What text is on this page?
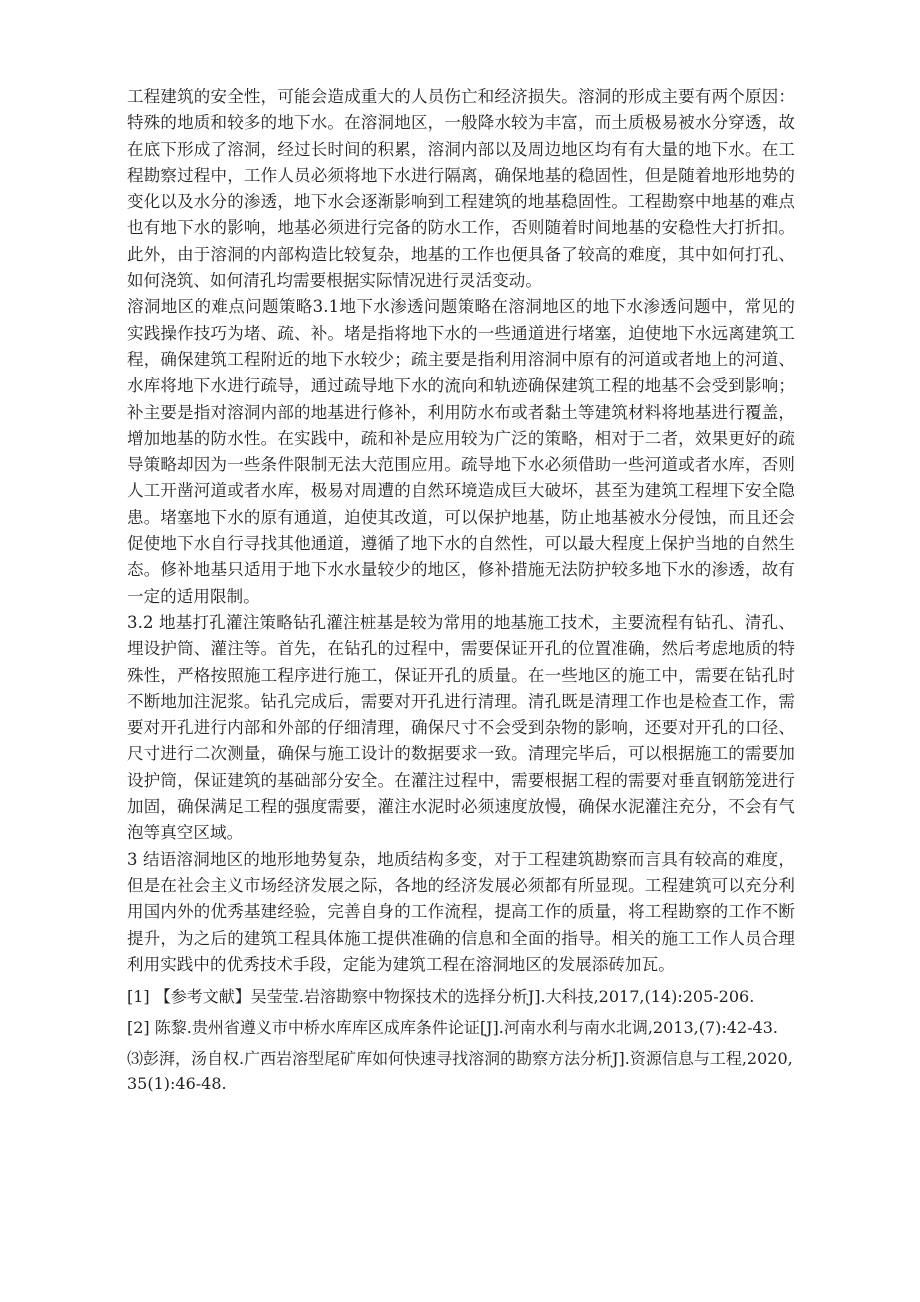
工程建筑的安全性，可能会造成重大的人员伤亡和经济损失。溶洞的形成主要有两个原因：特殊的地质和较多的地下水。在溶洞地区，一般降水较为丰富，而土质极易被水分穿透，故在底下形成了溶洞，经过长时间的积累，溶洞内部以及周边地区均有有大量的地下水。在工程勘察过程中，工作人员必须将地下水进行隔离，确保地基的稳固性，但是随着地形地势的变化以及水分的渗透，地下水会逐渐影响到工程建筑的地基稳固性。工程勘察中地基的难点也有地下水的影响，地基必须进行完备的防水工作，否则随着时间地基的安稳性大打折扣。此外，由于溶洞的内部构造比较复杂，地基的工作也便具备了较高的难度，其中如何打孔、如何浇筑、如何清孔均需要根据实际情况进行灵活变动。

溶洞地区的难点问题策略3.1地下水渗透问题策略在溶洞地区的地下水渗透问题中，常见的实践操作技巧为堵、疏、补。堵是指将地下水的一些通道进行堵塞，迫使地下水远离建筑工程，确保建筑工程附近的地下水较少；疏主要是指利用溶洞中原有的河道或者地上的河道、水库将地下水进行疏导，通过疏导地下水的流向和轨迹确保建筑工程的地基不会受到影响；补主要是指对溶洞内部的地基进行修补，利用防水布或者黏土等建筑材料将地基进行覆盖，增加地基的防水性。在实践中，疏和补是应用较为广泛的策略，相对于二者，效果更好的疏导策略却因为一些条件限制无法大范围应用。疏导地下水必须借助一些河道或者水库，否则人工开凿河道或者水库，极易对周遭的自然环境造成巨大破坏，甚至为建筑工程埋下安全隐患。堵塞地下水的原有通道，迫使其改道，可以保护地基，防止地基被水分侵蚀，而且还会促使地下水自行寻找其他通道，遵循了地下水的自然性，可以最大程度上保护当地的自然生态。修补地基只适用于地下水水量较少的地区，修补措施无法防护较多地下水的渗透，故有一定的适用限制。

3.2 地基打孔灌注策略钻孔灌注桩基是较为常用的地基施工技术，主要流程有钻孔、清孔、埋设护筒、灌注等。首先，在钻孔的过程中，需要保证开孔的位置准确，然后考虑地质的特殊性，严格按照施工程序进行施工，保证开孔的质量。在一些地区的施工中，需要在钻孔时不断地加注泥浆。钻孔完成后，需要对开孔进行清理。清孔既是清理工作也是检查工作，需要对开孔进行内部和外部的仔细清理，确保尺寸不会受到杂物的影响，还要对开孔的口径、尺寸进行二次测量，确保与施工设计的数据要求一致。清理完毕后，可以根据施工的需要加设护筒，保证建筑的基础部分安全。在灌注过程中，需要根据工程的需要对垂直钢筋笼进行加固，确保满足工程的强度需要，灌注水泥时必须速度放慢，确保水泥灌注充分，不会有气泡等真空区域。

3 结语溶洞地区的地形地势复杂，地质结构多变，对于工程建筑勘察而言具有较高的难度，但是在社会主义市场经济发展之际，各地的经济发展必须都有所显现。工程建筑可以充分利用国内外的优秀基建经验，完善自身的工作流程，提高工作的质量，将工程勘察的工作不断提升，为之后的建筑工程具体施工提供准确的信息和全面的指导。相关的施工工作人员合理利用实践中的优秀技术手段，定能为建筑工程在溶洞地区的发展添砖加瓦。

[1] 【参考文献】吴莹莹.岩溶勘察中物探技术的选择分析J].大科技,2017,(14):205-206.

[2] 陈黎.贵州省遵义市中桥水库库区成库条件论证[J].河南水利与南水北调,2013,(7):42-43.

⑶彭湃，汤自权.广西岩溶型尾矿库如何快速寻找溶洞的勘察方法分析J].资源信息与工程,2020,35(1):46-48.
